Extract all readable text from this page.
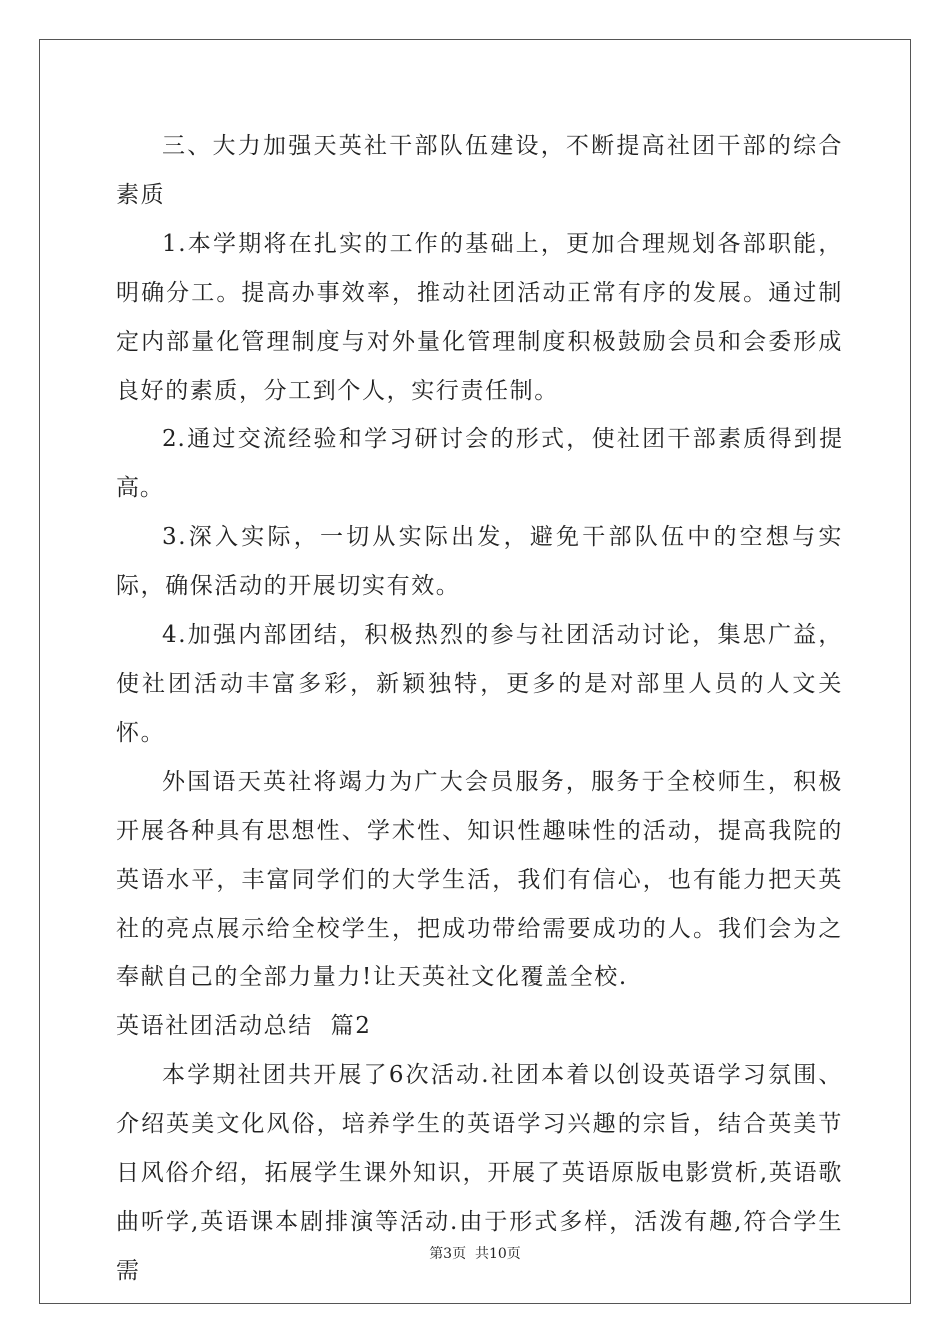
三、大力加强天英社干部队伍建设，不断提高社团干部的综合素质

1.本学期将在扎实的工作的基础上，更加合理规划各部职能，明确分工。提高办事效率，推动社团活动正常有序的发展。通过制定内部量化管理制度与对外量化管理制度积极鼓励会员和会委形成良好的素质，分工到个人，实行责任制。

2.通过交流经验和学习研讨会的形式，使社团干部素质得到提高。

3.深入实际，一切从实际出发，避免干部队伍中的空想与实际，确保活动的开展切实有效。

4.加强内部团结，积极热烈的参与社团活动讨论，集思广益，使社团活动丰富多彩，新颖独特，更多的是对部里人员的人文关怀。

外国语天英社将竭力为广大会员服务，服务于全校师生，积极开展各种具有思想性、学术性、知识性趣味性的活动，提高我院的英语水平，丰富同学们的大学生活，我们有信心，也有能力把天英社的亮点展示给全校学生，把成功带给需要成功的人。我们会为之奉献自己的全部力量力!让天英社文化覆盖全校.

英语社团活动总结  篇2

本学期社团共开展了6次活动.社团本着以创设英语学习氛围、介绍英美文化风俗，培养学生的英语学习兴趣的宗旨，结合英美节日风俗介绍，拓展学生课外知识，开展了英语原版电影赏析,英语歌曲听学,英语课本剧排演等活动.由于形式多样，活泼有趣,符合学生需

第3页  共10页
